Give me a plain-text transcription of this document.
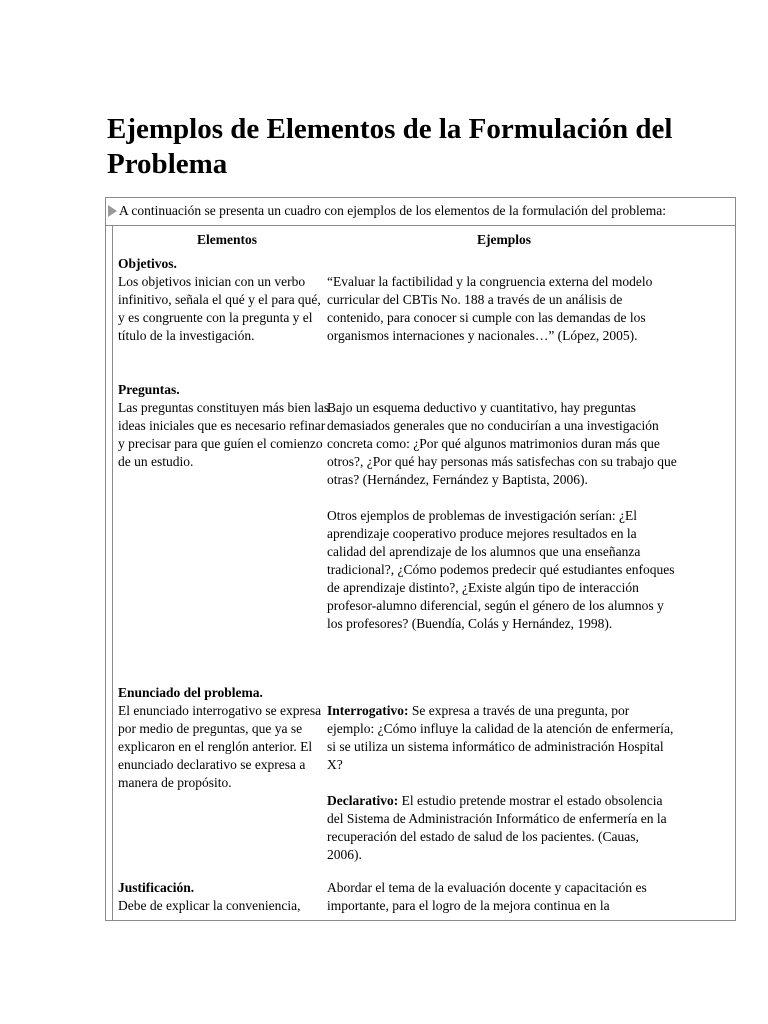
Ejemplos de Elementos de la Formulación del Problema
A continuación se presenta un cuadro con ejemplos de los elementos de la formulación del problema:
Elementos	Ejemplos
Objetivos.
Los objetivos inician con un verbo infinitivo, señala el qué y el para qué, y es congruente con la pregunta y el título de la investigación.
“Evaluar la factibilidad y la congruencia externa del modelo curricular del CBTis No. 188 a través de un análisis de contenido, para conocer si cumple con las demandas de los organismos internaciones y nacionales…” (López, 2005).
Preguntas.
Las preguntas constituyen más bien las ideas iniciales que es necesario refinar y precisar para que guíen el comienzo de un estudio.
Bajo un esquema deductivo y cuantitativo, hay preguntas demasiados generales que no conducirían a una investigación concreta como: ¿Por qué algunos matrimonios duran más que otros?, ¿Por qué hay personas más satisfechas con su trabajo que otras? (Hernández, Fernández y Baptista, 2006).
Otros ejemplos de problemas de investigación serían: ¿El aprendizaje cooperativo produce mejores resultados en la calidad del aprendizaje de los alumnos que una enseñanza tradicional?, ¿Cómo podemos predecir qué estudiantes enfoques de aprendizaje distinto?, ¿Existe algún tipo de interacción profesor-alumno diferencial, según el género de los alumnos y los profesores? (Buendía, Colás y Hernández, 1998).
Enunciado del problema.
El enunciado interrogativo se expresa por medio de preguntas, que ya se explicaron en el renglón anterior. El enunciado declarativo se expresa a manera de propósito.
Interrogativo: Se expresa a través de una pregunta, por ejemplo: ¿Cómo influye la calidad de la atención de enfermería, si se utiliza un sistema informático de administración Hospital X?
Declarativo: El estudio pretende mostrar el estado obsolencia del Sistema de Administración Informático de enfermería en la recuperación del estado de salud de los pacientes. (Cauas, 2006).
Justificación.
Debe de explicar la conveniencia,
Abordar el tema de la evaluación docente y capacitación es importante, para el logro de la mejora continua en la
